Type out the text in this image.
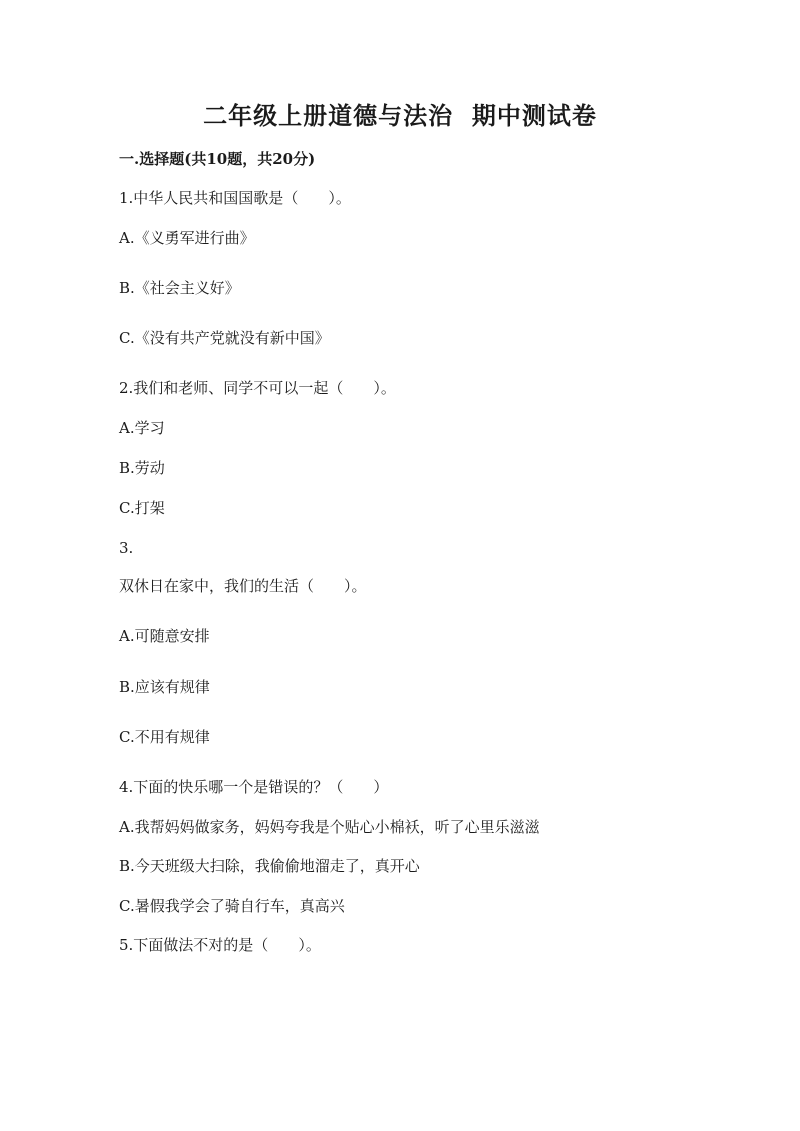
二年级上册道德与法治  期中测试卷
一.选择题(共10题，共20分)
1.中华人民共和国国歌是（　　）。
A.《义勇军进行曲》
B.《社会主义好》
C.《没有共产党就没有新中国》
2.我们和老师、同学不可以一起（　　）。
A.学习
B.劳动
C.打架
3.
双休日在家中，我们的生活（　　）。
A.可随意安排
B.应该有规律
C.不用有规律
4.下面的快乐哪一个是错误的？（　　）
A.我帮妈妈做家务，妈妈夸我是个贴心小棉袄，听了心里乐滋滋
B.今天班级大扫除，我偷偷地溜走了，真开心
C.暑假我学会了骑自行车，真高兴
5.下面做法不对的是（　　）。
